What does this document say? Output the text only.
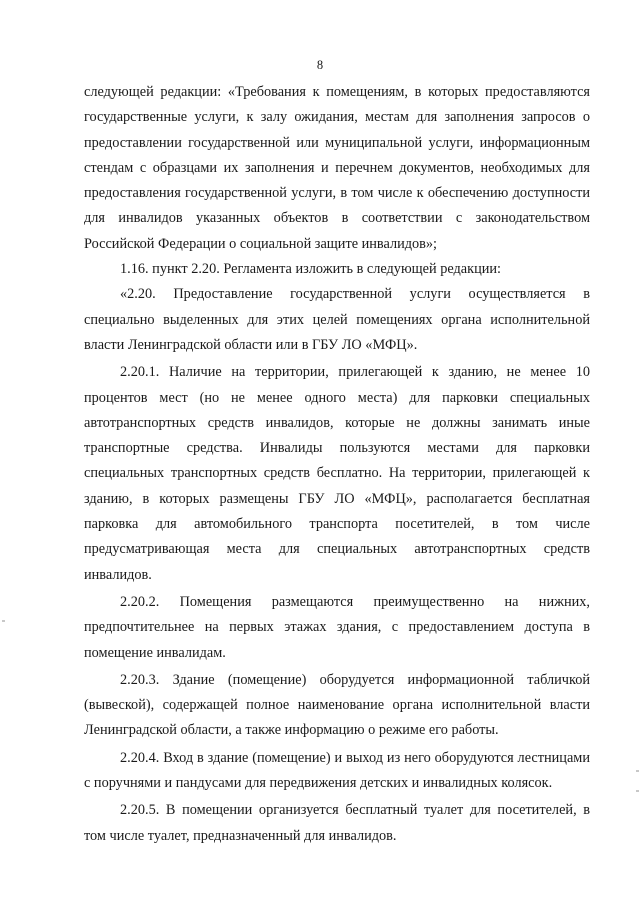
8

следующей редакции: «Требования к помещениям, в которых предоставляются государственные услуги, к залу ожидания, местам для заполнения запросов о предоставлении государственной или муниципальной услуги, информационным стендам с образцами их заполнения и перечнем документов, необходимых для предоставления государственной услуги, в том числе к обеспечению доступности для инвалидов указанных объектов в соответствии с законодательством Российской Федерации о социальной защите инвалидов»;

1.16. пункт 2.20. Регламента изложить в следующей редакции:

«2.20. Предоставление государственной услуги осуществляется в специально выделенных для этих целей помещениях органа исполнительной власти Ленинградской области или в ГБУ ЛО «МФЦ».

2.20.1. Наличие на территории, прилегающей к зданию, не менее 10 процентов мест (но не менее одного места) для парковки специальных автотранспортных средств инвалидов, которые не должны занимать иные транспортные средства. Инвалиды пользуются местами для парковки специальных транспортных средств бесплатно. На территории, прилегающей к зданию, в которых размещены ГБУ ЛО «МФЦ», располагается бесплатная парковка для автомобильного транспорта посетителей, в том числе предусматривающая места для специальных автотранспортных средств инвалидов.

2.20.2. Помещения размещаются преимущественно на нижних, предпочтительнее на первых этажах здания, с предоставлением доступа в помещение инвалидам.

2.20.3. Здание (помещение) оборудуется информационной табличкой (вывеской), содержащей полное наименование органа исполнительной власти Ленинградской области, а также информацию о режиме его работы.

2.20.4. Вход в здание (помещение) и выход из него оборудуются лестницами с поручнями и пандусами для передвижения детских и инвалидных колясок.

2.20.5. В помещении организуется бесплатный туалет для посетителей, в том числе туалет, предназначенный для инвалидов.
